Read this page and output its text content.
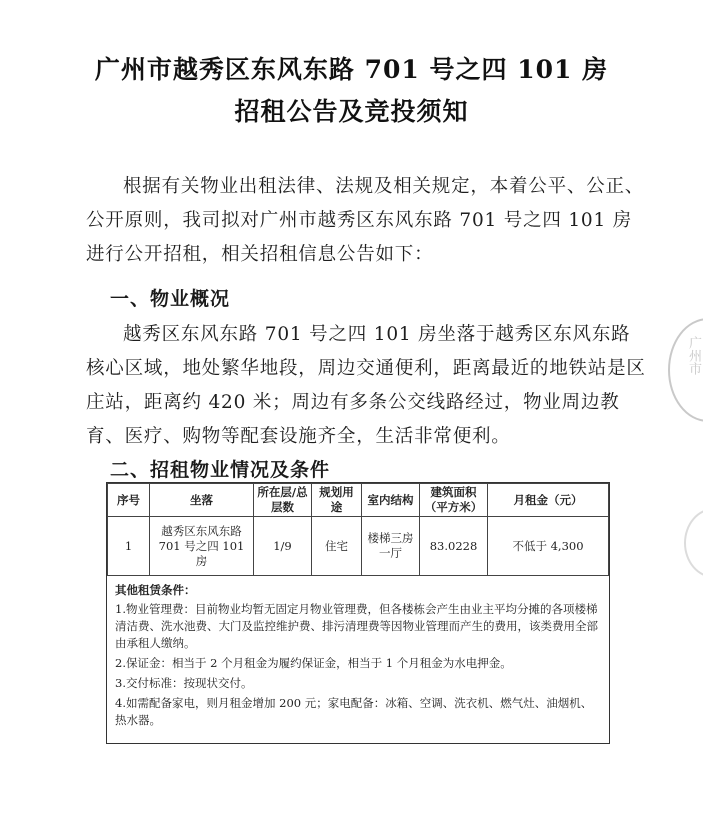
广州市越秀区东风东路 701 号之四 101 房
招租公告及竞投须知
根据有关物业出租法律、法规及相关规定，本着公平、公正、公开原则，我司拟对广州市越秀区东风东路 701 号之四 101 房进行公开招租，相关招租信息公告如下：
一、物业概况
越秀区东风东路 701 号之四 101 房坐落于越秀区东风东路核心区域，地处繁华地段，周边交通便利，距离最近的地铁站是区庄站，距离约 420 米；周边有多条公交线路经过，物业周边教育、医疗、购物等配套设施齐全，生活非常便利。
二、招租物业情况及条件
序号	坐落	所在层/总层数	规划用途	室内结构	建筑面积（平方米）	月租金（元）
1	越秀区东风东路 701 号之四 101 房	1/9	住宅	楼梯三房一厅	83.0228	不低于 4,300
其他租赁条件：
1.物业管理费：目前物业均暂无固定月物业管理费，但各楼栋会产生由业主平均分摊的各项楼梯清洁费、洗水池费、大门及监控维护费、排污清理费等因物业管理而产生的费用，该类费用全部由承租人缴纳。
2.保证金：相当于 2 个月租金为履约保证金，相当于 1 个月租金为水电押金。
3.交付标准：按现状交付。
4.如需配备家电，则月租金增加 200 元；家电配备：冰箱、空调、洗衣机、燃气灶、油烟机、热水器。
广州市
